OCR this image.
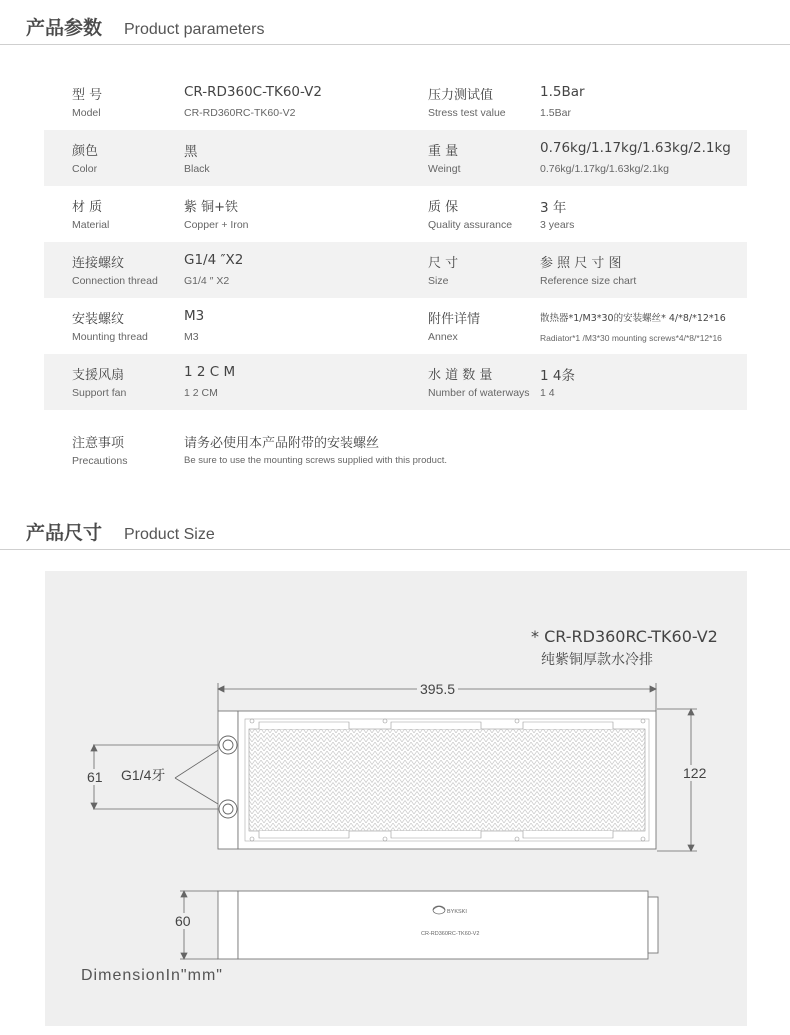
产品参数 Product parameters
型 号
Model
CR-RD360C-TK60-V2
CR-RD360RC-TK60-V2
压力测试值
Stress test value
1.5Bar
1.5Bar
颜色
Color
黑
Black
重 量
Weingt
0.76kg/1.17kg/1.63kg/2.1kg
0.76kg/1.17kg/1.63kg/2.1kg
材 质
Material
紫 铜+铁
Copper + Iron
质 保
Quality assurance
3 年
3 years
连接螺纹
Connection thread
G1/4 ″X2
G1/4 ″ X2
尺 寸
Size
参 照 尺 寸 图
Reference size chart
安装螺纹
Mounting thread
M3
M3
附件详情
Annex
散热器*1/M3*30的安装螺丝* 4/*8/*12*16
Radiator*1 /M3*30 mounting screws*4/*8/*12*16
支援风扇
Support fan
1 2 C M
1 2 CM
水 道 数 量
Number of waterways
1 4条
1 4
注意事项
Precautions
请务必使用本产品附带的安装螺丝
Be sure to use the mounting screws supplied with this product.
产品尺寸 Product Size
BYKSKI
CR-RD360RC-TK60-V2
* CR-RD360RC-TK60-V2
纯紫铜厚款水冷排
395.5
122
61 G1/4牙
60
DimensionIn"mm"
